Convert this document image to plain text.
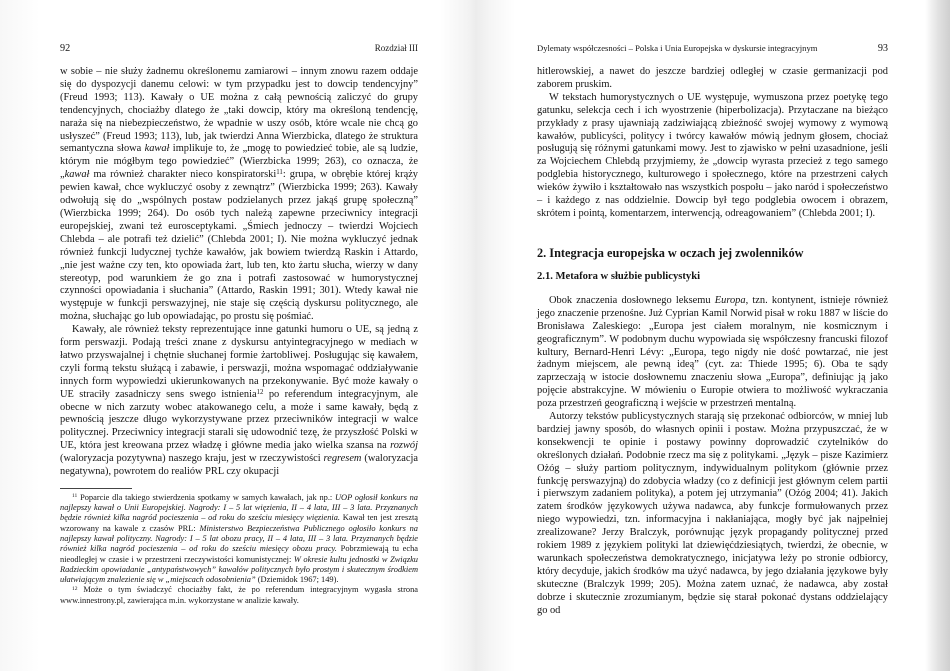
92	Rozdział III

w sobie – nie służy żadnemu określonemu zamiarowi – innym znowu razem oddaje się do dyspozycji danemu celowi: w tym przypadku jest to dowcip tendencyjny” (Freud 1993; 113). Kawały o UE można z całą pewnością zaliczyć do grupy tendencyjnych, chociażby dlatego że „taki dowcip, który ma określoną tendencję, naraża się na niebezpieczeństwo, że wpadnie w uszy osób, które wcale nie chcą go usłyszeć” (Freud 1993; 113), lub, jak twierdzi Anna Wierzbicka, dlatego że struktura semantyczna słowa kawał implikuje to, że „mogę to powiedzieć tobie, ale są ludzie, którym nie mógłbym tego powiedzieć” (Wierzbicka 1999; 263), co oznacza, że „kawał ma również charakter nieco konspiratorski$^{11}$: grupa, w obrębie której krąży pewien kawał, chce wykluczyć osoby z zewnątrz” (Wierzbicka 1999; 263). Kawały odwołują się do „wspólnych postaw podzielanych przez jakąś grupę społeczną” (Wierzbicka 1999; 264). Do osób tych należą zapewne przeciwnicy integracji europejskiej, zwani też eurosceptykami. „Śmiech jednoczy – twierdzi Wojciech Chlebda – ale potrafi też dzielić” (Chlebda 2001; I). Nie można wykluczyć jednak również funkcji ludycznej tychże kawałów, jak bowiem twierdzą Raskin i Attardo, „nie jest ważne czy ten, kto opowiada żart, lub ten, kto żartu słucha, wierzy w dany stereotyp, pod warunkiem że go zna i potrafi zastosować w humorystycznej czynności opowiadania i słuchania” (Attardo, Raskin 1991; 301). Wtedy kawał nie występuje w funkcji perswazyjnej, nie staje się częścią dyskursu politycznego, ale można, słuchając go lub opowiadając, po prostu się pośmiać.

Kawały, ale również teksty reprezentujące inne gatunki humoru o UE, są jedną z form perswazji. Podają treści znane z dyskursu antyintegracyjnego w mediach w łatwo przyswajalnej i chętnie słuchanej formie żartobliwej. Posługując się kawałem, czyli formą tekstu służącą i zabawie, i perswazji, można wspomagać oddziaływanie innych form wypowiedzi ukierunkowanych na przekonywanie. Być może kawały o UE straciły zasadniczy sens swego istnienia$^{12}$ po referendum integracyjnym, ale obecne w nich zarzuty wobec atakowanego celu, a może i same kawały, będą z pewnością jeszcze długo wykorzystywane przez przeciwników integracji w walce politycznej. Przeciwnicy integracji starali się udowodnić tezę, że przyszłość Polski w UE, która jest kreowana przez władzę i główne media jako wielka szansa na rozwój (waloryzacja pozytywna) naszego kraju, jest w rzeczywistości regresem (waloryzacja negatywna), powrotem do realiów PRL czy okupacji

$^{11}$ Poparcie dla takiego stwierdzenia spotkamy w samych kawałach, jak np.: UOP ogłosił konkurs na najlepszy kawał o Unii Europejskiej. Nagrody: I – 5 lat więzienia, II – 4 lata, III – 3 lata. Przyznanych będzie również kilka nagród pocieszenia – od roku do sześciu miesięcy więzienia. Kawał ten jest zresztą wzorowany na kawale z czasów PRL: Ministerstwo Bezpieczeństwa Publicznego ogłosiło konkurs na najlepszy kawał polityczny. Nagrody: I – 5 lat obozu pracy, II – 4 lata, III – 3 lata. Przyznanych będzie również kilka nagród pocieszenia – od roku do sześciu miesięcy obozu pracy. Pobrzmiewają tu echa nieodległej w czasie i w przestrzeni rzeczywistości komunistycznej: W okresie kultu jednostki w Związku Radzieckim opowiadanie „antypaństwowych” kawałów politycznych było prostym i skutecznym środkiem ułatwiającym znalezienie się w „miejscach odosobnienia” (Dziemidok 1967; 149).

$^{12}$ Może o tym świadczyć chociażby fakt, że po referendum integracyjnym wygasła strona www.innestrony.pl, zawierająca m.in. wykorzystane w analizie kawały.

Dylematy współczesności – Polska i Unia Europejska w dyskursie integracyjnym	93

hitlerowskiej, a nawet do jeszcze bardziej odległej w czasie germanizacji pod zaborem pruskim.

W tekstach humorystycznych o UE występuje, wymuszona przez poetykę tego gatunku, selekcja cech i ich wyostrzenie (hiperbolizacja). Przytaczane na bieżąco przykłady z prasy ujawniają zadziwiającą zbieżność swojej wymowy z wymową kawałów, publicyści, politycy i twórcy kawałów mówią jednym głosem, chociaż posługują się różnymi gatunkami mowy. Jest to zjawisko w pełni uzasadnione, jeśli za Wojciechem Chlebdą przyjmiemy, że „dowcip wyrasta przecież z tego samego podglebia historycznego, kulturowego i społecznego, które na przestrzeni całych wieków żywiło i kształtowało nas wszystkich pospołu – jako naród i społeczeństwo – i każdego z nas oddzielnie. Dowcip był tego podglebia owocem i obrazem, skrótem i pointą, komentarzem, interwencją, odreagowaniem” (Chlebda 2001; I).

2. Integracja europejska w oczach jej zwolenników
2.1. Metafora w służbie publicystyki

Obok znaczenia dosłownego leksemu Europa, tzn. kontynent, istnieje również jego znaczenie przenośne. Już Cyprian Kamil Norwid pisał w roku 1887 w liście do Bronisława Zaleskiego: „Europa jest ciałem moralnym, nie kosmicznym i geograficznym”. W podobnym duchu wypowiada się współczesny francuski filozof kultury, Bernard-Henri Lévy: „Europa, tego nigdy nie dość powtarzać, nie jest żadnym miejscem, ale pewną ideą” (cyt. za: Thiede 1995; 6). Oba te sądy zaprzeczają w istocie dosłownemu znaczeniu słowa „Europa”, definiując ją jako pojęcie abstrakcyjne. W mówieniu o Europie otwiera to możliwość wykraczania poza przestrzeń geograficzną i wejście w przestrzeń mentalną.

Autorzy tekstów publicystycznych starają się przekonać odbiorców, w mniej lub bardziej jawny sposób, do własnych opinii i postaw. Można przypuszczać, że w konsekwencji te opinie i postawy powinny doprowadzić czytelników do określonych działań. Podobnie rzecz ma się z politykami. „Język – pisze Kazimierz Ożóg – służy partiom politycznym, indywidualnym politykom (głównie przez funkcję perswazyjną) do zdobycia władzy (co z definicji jest głównym celem partii i pierwszym zadaniem polityka), a potem jej utrzymania” (Ożóg 2004; 41). Jakich zatem środków językowych używa nadawca, aby funkcje formułowanych przez niego wypowiedzi, tzn. informacyjna i nakłaniająca, mogły być jak najpełniej zrealizowane? Jerzy Bralczyk, porównując język propagandy politycznej przed rokiem 1989 z językiem polityki lat dziewięćdziesiątych, twierdzi, że obecnie, w warunkach społeczeństwa demokratycznego, inicjatywa leży po stronie odbiorcy, który decyduje, jakich środków ma użyć nadawca, by jego działania językowe były skuteczne (Bralczyk 1999; 205). Można zatem uznać, że nadawca, aby został dobrze i skutecznie zrozumianym, będzie się starał pokonać dystans oddzielający go od
